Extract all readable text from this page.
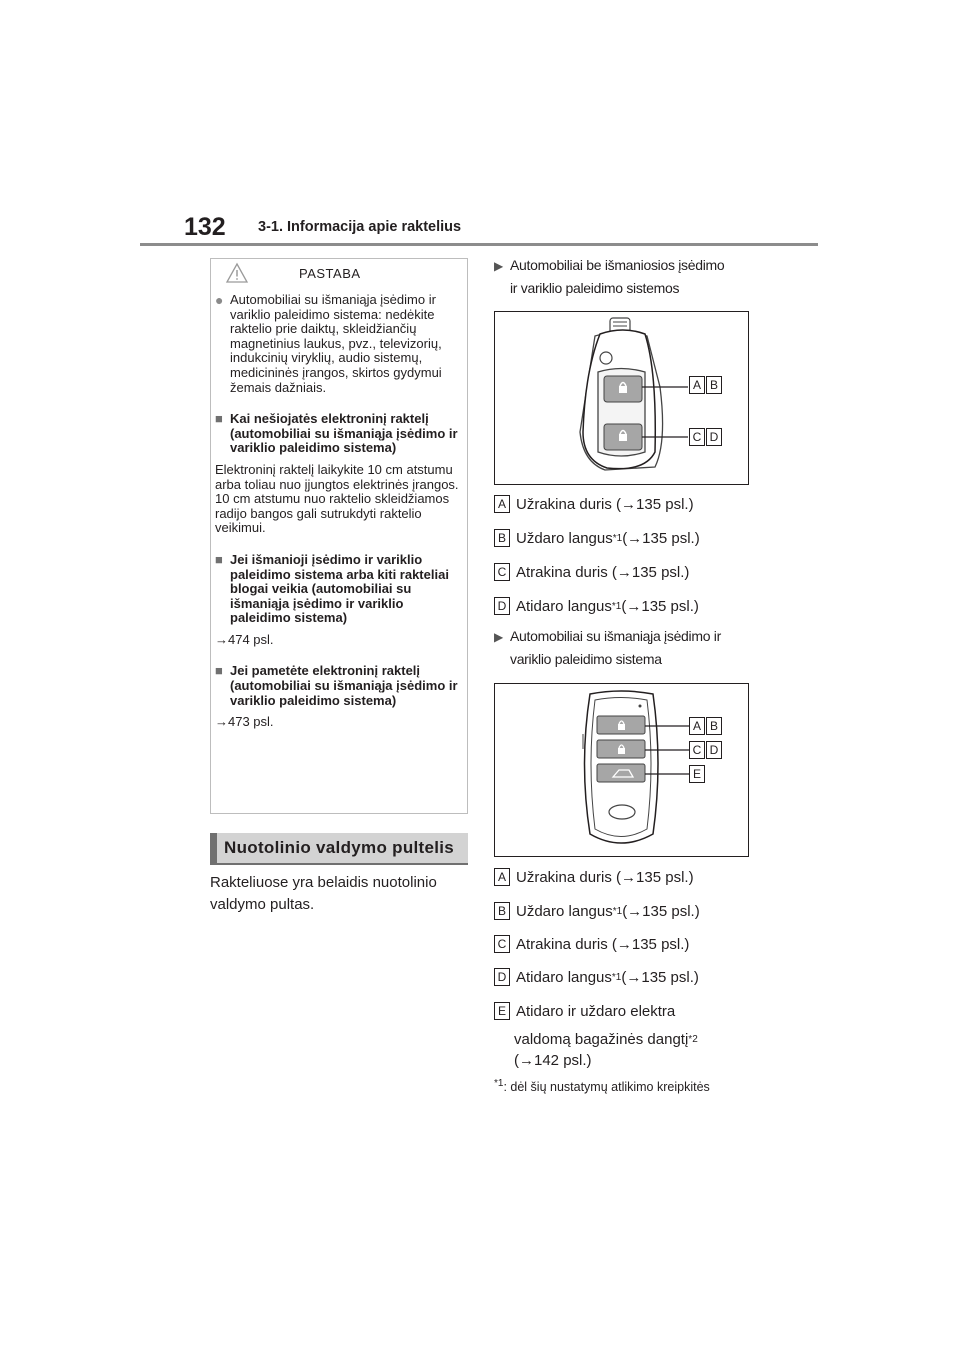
132 3-1. Informacija apie raktelius
PASTABA
● Automobiliai su išmaniąja įsėdimo ir variklio paleidimo sistema: nedėkite raktelio prie daiktų, skleidžiančių magnetinius laukus, pvz., televizorių, indukcinių viryklių, audio sistemų, medicininės įrangos, skirtos gydymui žemais dažniais.
■ Kai nešiojatės elektroninį raktelį (automobiliai su išmaniąja įsėdimo ir variklio paleidimo sistema)

Elektroninį raktelį laikykite 10 cm atstumu arba toliau nuo įjungtos elektrinės įrangos. 10 cm atstumu nuo raktelio skleidžiamos radijo bangos gali sutrukdyti raktelio veikimui.

■ Jei išmanioji įsėdimo ir variklio paleidimo sistema arba kiti rakteliai blogai veikia (automobiliai su išmaniąja įsėdimo ir variklio paleidimo sistema)

→474 psl.

■ Jei pametėte elektroninį raktelį (automobiliai su išmaniąja įsėdimo ir variklio paleidimo sistema)

→473 psl.

Nuotolinio valdymo pultelis
Rakteliuose yra belaidis nuotolinio valdymo pultas.
▶ Automobiliai be išmaniosios įsėdimo
ir variklio paleidimo sistemos
A B
C D
A Užrakina duris (→135 psl.)
B Uždaro langus *1 (→135 psl.)
C Atrakina duris (→135 psl.)
D Atidaro langus *1 (→135 psl.)
▶ Automobiliai su išmaniąja įsėdimo ir
variklio paleidimo sistema
A B
C D
E
A Užrakina duris (→135 psl.)
B Uždaro langus *1 (→135 psl.)
C Atrakina duris (→135 psl.)
D Atidaro langus *1 (→135 psl.)
E Atidaro ir uždaro elektra
valdomą bagažinės dangtį *2
(→142 psl.)
$^{*1}$: dėl šių nustatymų atlikimo kreipkitės
